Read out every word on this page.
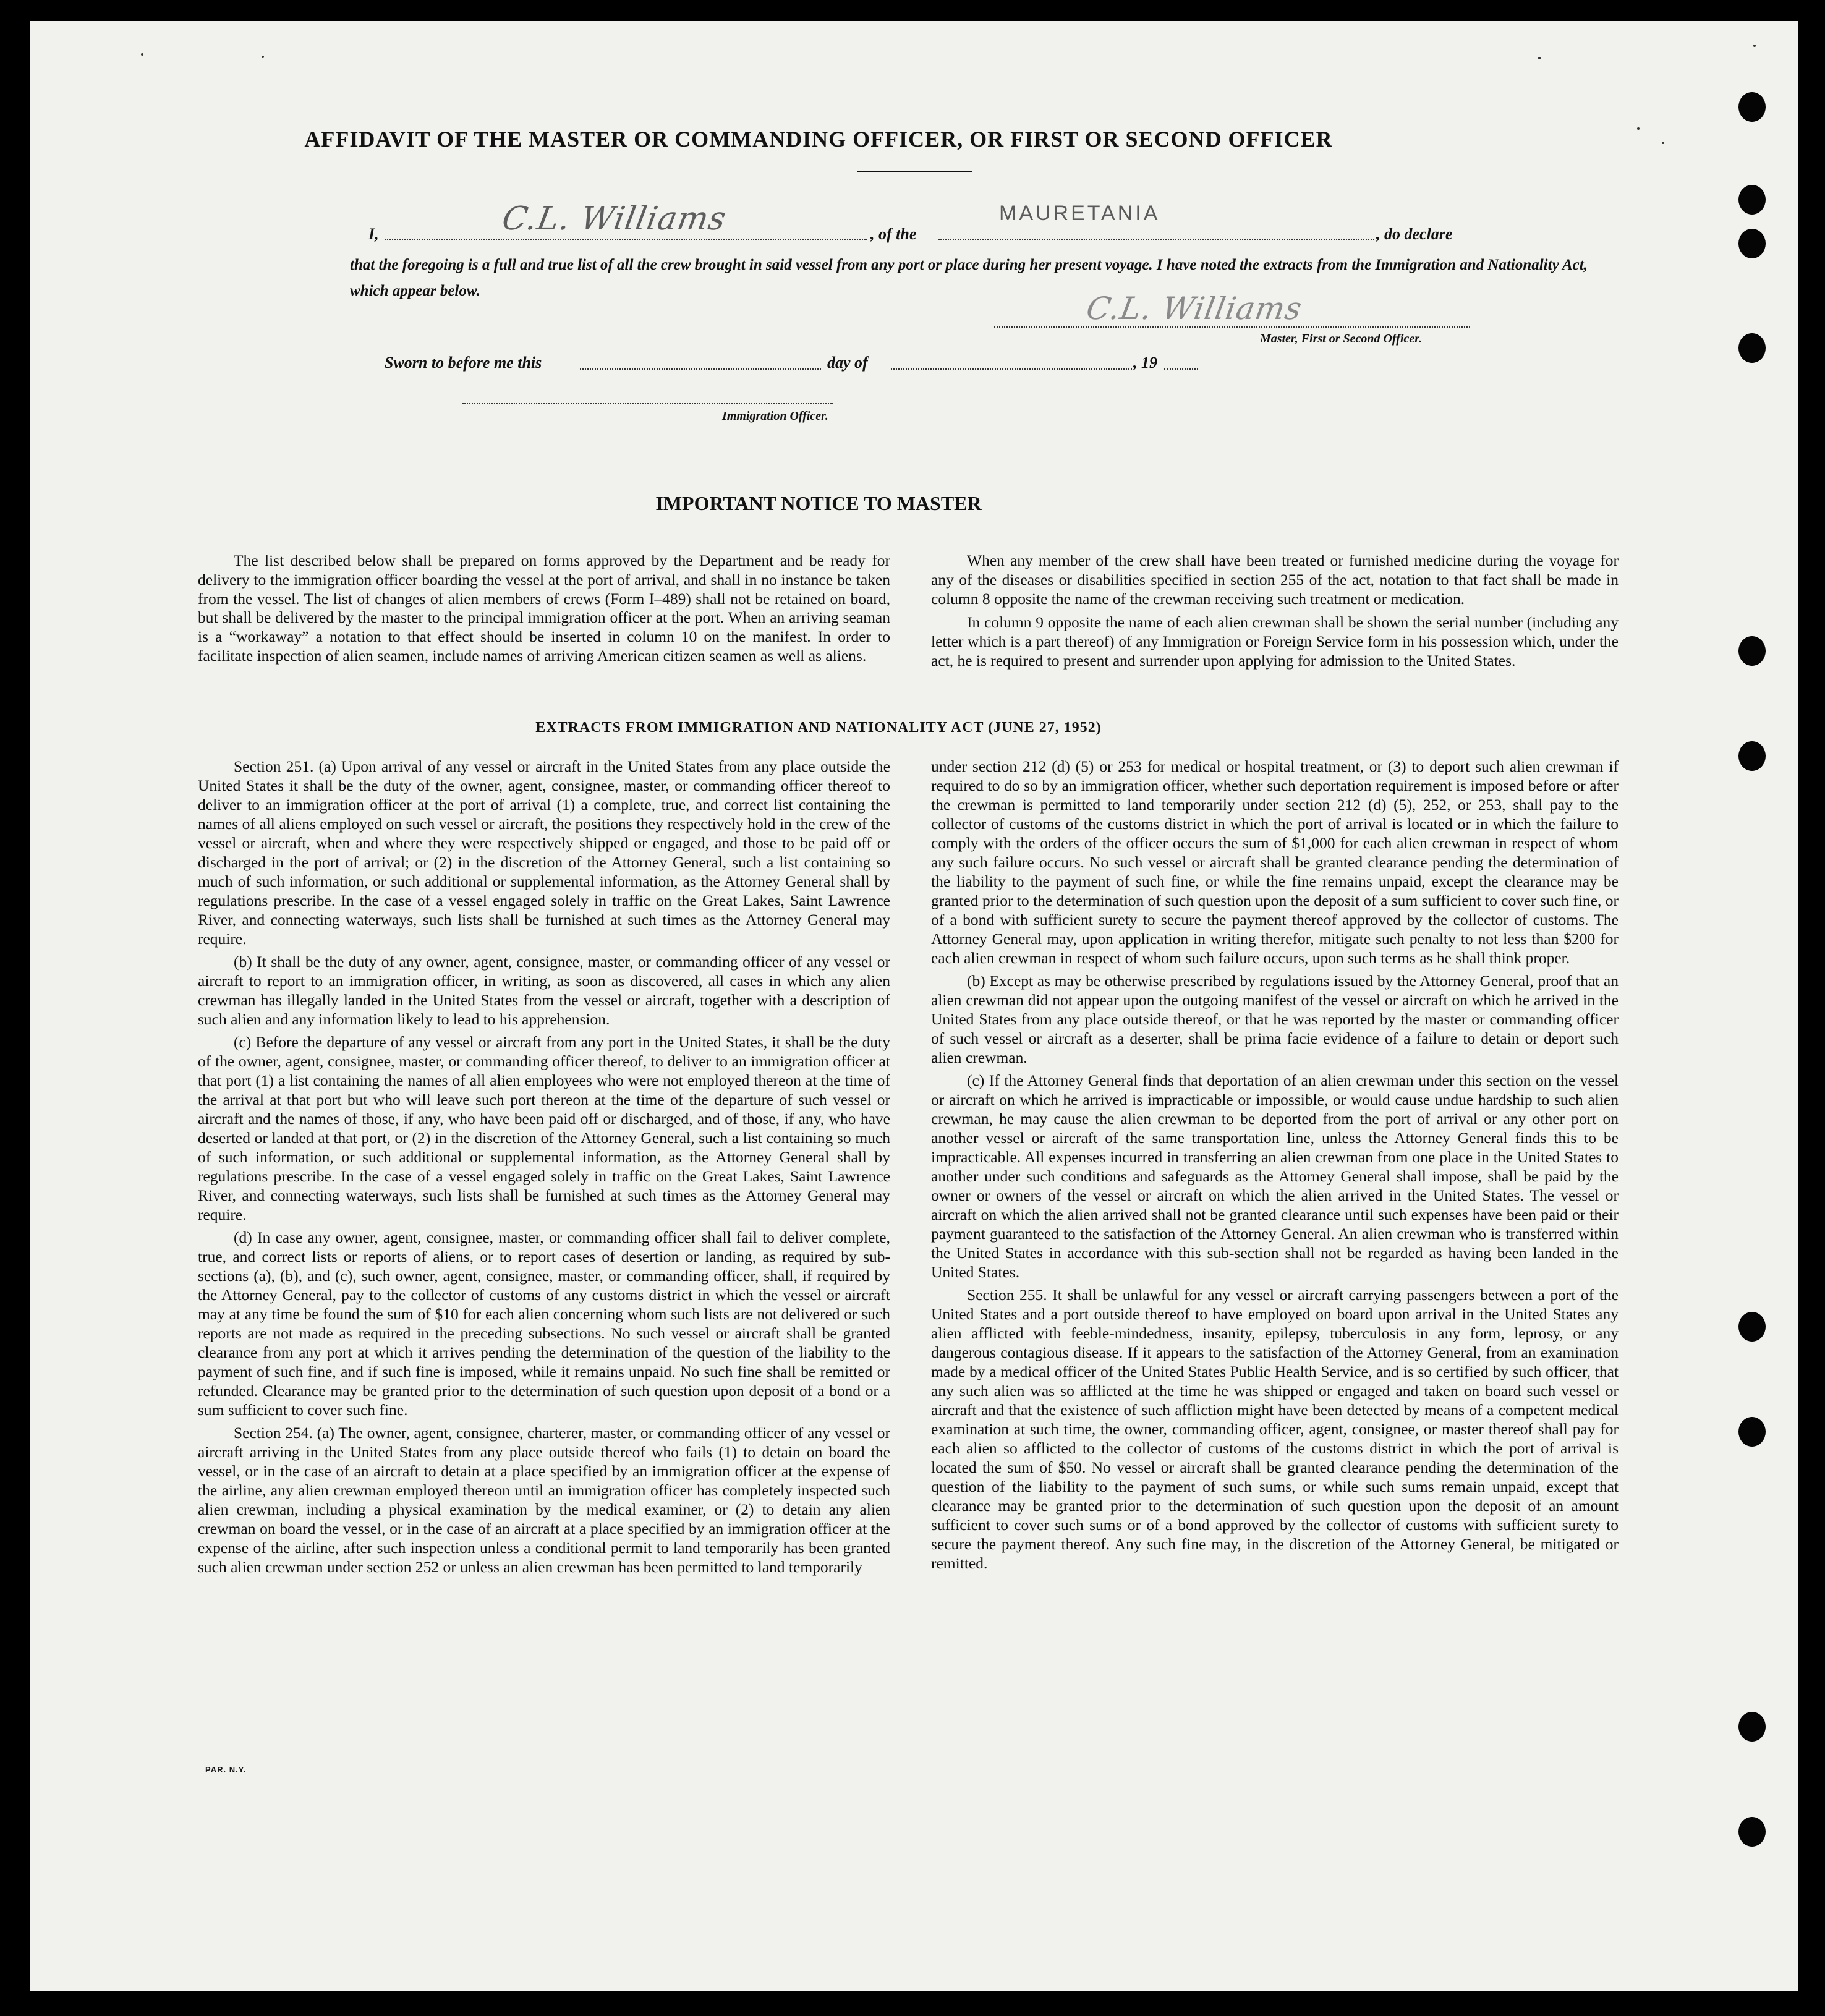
AFFIDAVIT OF THE MASTER OR COMMANDING OFFICER, OR FIRST OR SECOND OFFICER
I,	C.L. Williams	, of the
MAURETANIA
, do declare
that the foregoing is a full and true list of all the crew brought in said vessel from any port or place during her present voyage. I have noted the extracts from the Immigration and Nationality Act, which appear below.	C.L. Williams
Master, First or Second Officer.
Sworn to before me this	day of	, 19
Immigration Officer.
IMPORTANT NOTICE TO MASTER

The list described below shall be prepared on forms approved by the Department and be ready for delivery to the immigration officer boarding the vessel at the port of arrival, and shall in no instance be taken from the vessel. The list of changes of alien members of crews (Form I–489) shall not be retained on board, but shall be delivered by the master to the principal immigration officer at the port. When an arriving seaman is a “workaway” a notation to that effect should be inserted in column 10 on the manifest. In order to facilitate inspection of alien seamen, include names of arriving American citizen seamen as well as aliens.

When any member of the crew shall have been treated or furnished medicine during the voyage for any of the diseases or disabilities specified in section 255 of the act, notation to that fact shall be made in column 8 opposite the name of the crewman receiving such treatment or medication.

In column 9 opposite the name of each alien crewman shall be shown the serial number (including any letter which is a part thereof) of any Immigration or Foreign Service form in his possession which, under the act, he is required to present and surrender upon applying for admission to the United States.

EXTRACTS FROM IMMIGRATION AND NATIONALITY ACT (JUNE 27, 1952)

Section 251. (a) Upon arrival of any vessel or aircraft in the United States from any place outside the United States it shall be the duty of the owner, agent, consignee, master, or commanding officer thereof to deliver to an immigration officer at the port of arrival (1) a complete, true, and correct list containing the names of all aliens employed on such vessel or aircraft, the positions they respectively hold in the crew of the vessel or aircraft, when and where they were respectively shipped or engaged, and those to be paid off or discharged in the port of arrival; or (2) in the discretion of the Attorney General, such a list containing so much of such information, or such additional or supplemental information, as the Attorney General shall by regulations prescribe. In the case of a vessel engaged solely in traffic on the Great Lakes, Saint Lawrence River, and connecting waterways, such lists shall be furnished at such times as the Attorney General may require.

(b) It shall be the duty of any owner, agent, consignee, master, or commanding officer of any vessel or aircraft to report to an immigration officer, in writing, as soon as discovered, all cases in which any alien crewman has illegally landed in the United States from the vessel or aircraft, together with a description of such alien and any information likely to lead to his apprehension.

(c) Before the departure of any vessel or aircraft from any port in the United States, it shall be the duty of the owner, agent, consignee, master, or commanding officer thereof, to deliver to an immigration officer at that port (1) a list containing the names of all alien employees who were not employed thereon at the time of the arrival at that port but who will leave such port thereon at the time of the departure of such vessel or aircraft and the names of those, if any, who have been paid off or discharged, and of those, if any, who have deserted or landed at that port, or (2) in the discretion of the Attorney General, such a list containing so much of such information, or such additional or supplemental information, as the Attorney General shall by regulations prescribe. In the case of a vessel engaged solely in traffic on the Great Lakes, Saint Lawrence River, and connecting waterways, such lists shall be furnished at such times as the Attorney General may require.

(d) In case any owner, agent, consignee, master, or commanding officer shall fail to deliver complete, true, and correct lists or reports of aliens, or to report cases of desertion or landing, as required by sub-sections (a), (b), and (c), such owner, agent, consignee, master, or commanding officer, shall, if required by the Attorney General, pay to the collector of customs of any customs district in which the vessel or aircraft may at any time be found the sum of $10 for each alien concerning whom such lists are not delivered or such reports are not made as required in the preceding subsections. No such vessel or aircraft shall be granted clearance from any port at which it arrives pending the determination of the question of the liability to the payment of such fine, and if such fine is imposed, while it remains unpaid. No such fine shall be remitted or refunded. Clearance may be granted prior to the determination of such question upon deposit of a bond or a sum sufficient to cover such fine.

Section 254. (a) The owner, agent, consignee, charterer, master, or commanding officer of any vessel or aircraft arriving in the United States from any place outside thereof who fails (1) to detain on board the vessel, or in the case of an aircraft to detain at a place specified by an immigration officer at the expense of the airline, any alien crewman employed thereon until an immigration officer has completely inspected such alien crewman, including a physical examination by the medical examiner, or (2) to detain any alien crewman on board the vessel, or in the case of an aircraft at a place specified by an immigration officer at the expense of the airline, after such inspection unless a conditional permit to land temporarily has been granted such alien crewman under section 252 or unless an alien crewman has been permitted to land temporarily

under section 212 (d) (5) or 253 for medical or hospital treatment, or (3) to deport such alien crewman if required to do so by an immigration officer, whether such deportation requirement is imposed before or after the crewman is permitted to land temporarily under section 212 (d) (5), 252, or 253, shall pay to the collector of customs of the customs district in which the port of arrival is located or in which the failure to comply with the orders of the officer occurs the sum of $1,000 for each alien crewman in respect of whom any such failure occurs. No such vessel or aircraft shall be granted clearance pending the determination of the liability to the payment of such fine, or while the fine remains unpaid, except the clearance may be granted prior to the determination of such question upon the deposit of a sum sufficient to cover such fine, or of a bond with sufficient surety to secure the payment thereof approved by the collector of customs. The Attorney General may, upon application in writing therefor, mitigate such penalty to not less than $200 for each alien crewman in respect of whom such failure occurs, upon such terms as he shall think proper.

(b) Except as may be otherwise prescribed by regulations issued by the Attorney General, proof that an alien crewman did not appear upon the outgoing manifest of the vessel or aircraft on which he arrived in the United States from any place outside thereof, or that he was reported by the master or commanding officer of such vessel or aircraft as a deserter, shall be prima facie evidence of a failure to detain or deport such alien crewman.

(c) If the Attorney General finds that deportation of an alien crewman under this section on the vessel or aircraft on which he arrived is impracticable or impossible, or would cause undue hardship to such alien crewman, he may cause the alien crewman to be deported from the port of arrival or any other port on another vessel or aircraft of the same transportation line, unless the Attorney General finds this to be impracticable. All expenses incurred in transferring an alien crewman from one place in the United States to another under such conditions and safeguards as the Attorney General shall impose, shall be paid by the owner or owners of the vessel or aircraft on which the alien arrived in the United States. The vessel or aircraft on which the alien arrived shall not be granted clearance until such expenses have been paid or their payment guaranteed to the satisfaction of the Attorney General. An alien crewman who is transferred within the United States in accordance with this sub-section shall not be regarded as having been landed in the United States.

Section 255. It shall be unlawful for any vessel or aircraft carrying passengers between a port of the United States and a port outside thereof to have employed on board upon arrival in the United States any alien afflicted with feeble-mindedness, insanity, epilepsy, tuberculosis in any form, leprosy, or any dangerous contagious disease. If it appears to the satisfaction of the Attorney General, from an examination made by a medical officer of the United States Public Health Service, and is so certified by such officer, that any such alien was so afflicted at the time he was shipped or engaged and taken on board such vessel or aircraft and that the existence of such affliction might have been detected by means of a competent medical examination at such time, the owner, commanding officer, agent, consignee, or master thereof shall pay for each alien so afflicted to the collector of customs of the customs district in which the port of arrival is located the sum of $50. No vessel or aircraft shall be granted clearance pending the determination of the question of the liability to the payment of such sums, or while such sums remain unpaid, except that clearance may be granted prior to the determination of such question upon the deposit of an amount sufficient to cover such sums or of a bond approved by the collector of customs with sufficient surety to secure the payment thereof. Any such fine may, in the discretion of the Attorney General, be mitigated or remitted.

PAR. N.Y.
